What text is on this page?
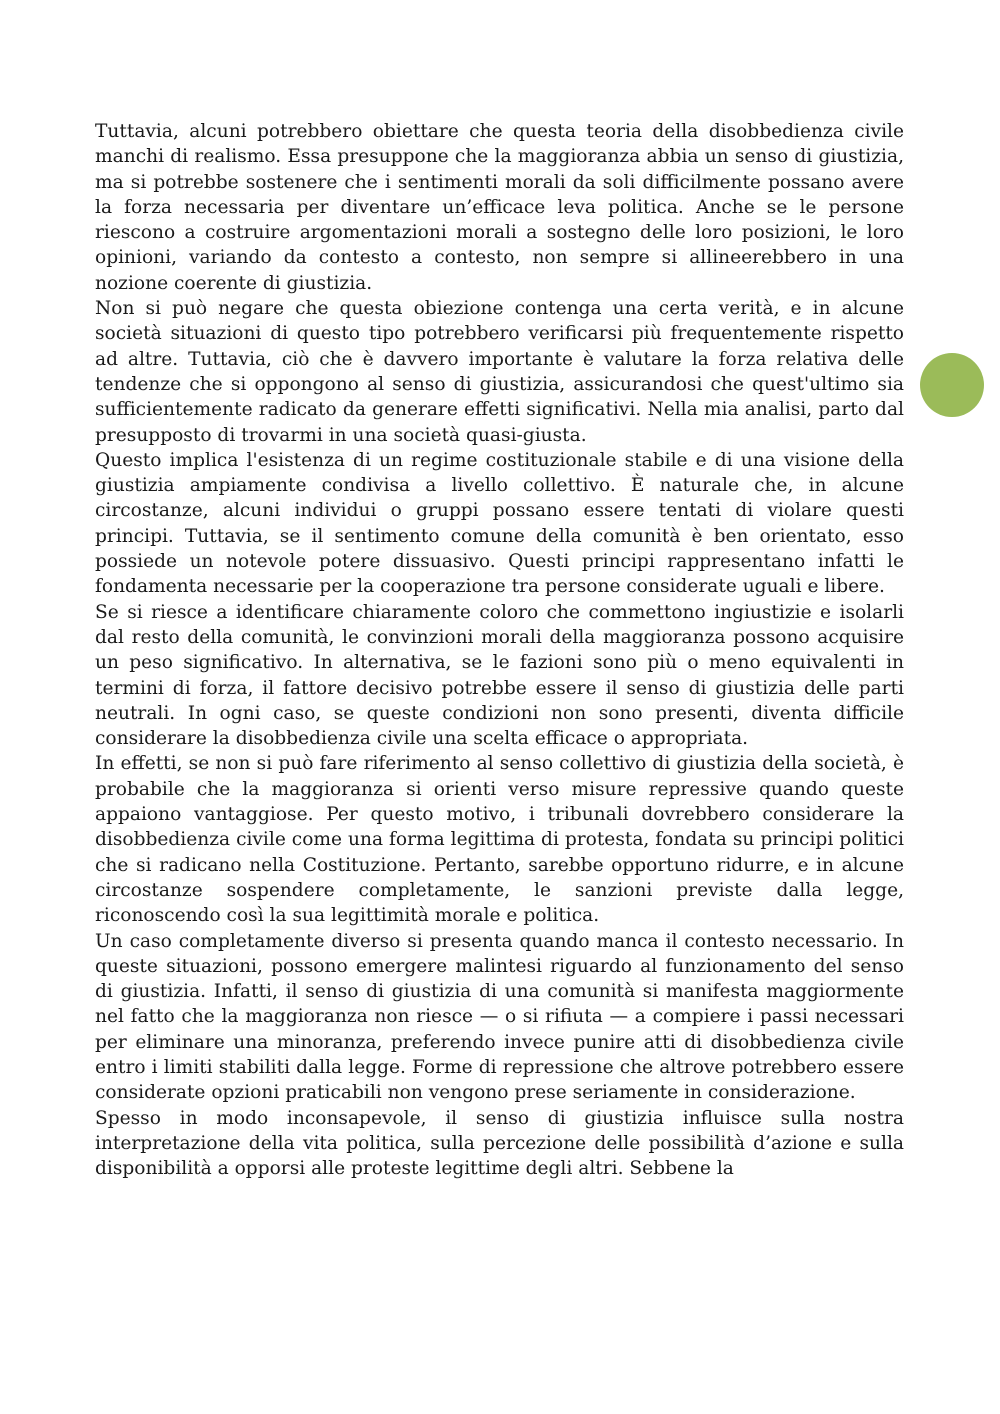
Tuttavia, alcuni potrebbero obiettare che questa teoria della disobbedienza civile manchi di realismo. Essa presuppone che la maggioranza abbia un senso di giustizia, ma si potrebbe sostenere che i sentimenti morali da soli difficilmente possano avere la forza necessaria per diventare un’efficace leva politica. Anche se le persone riescono a costruire argomentazioni morali a sostegno delle loro posizioni, le loro opinioni, variando da contesto a contesto, non sempre si allineerebbero in una nozione coerente di giustizia.

Non si può negare che questa obiezione contenga una certa verità, e in alcune società situazioni di questo tipo potrebbero verificarsi più frequentemente rispetto ad altre. Tuttavia, ciò che è davvero importante è valutare la forza relativa delle tendenze che si oppongono al senso di giustizia, assicurandosi che quest'ultimo sia sufficientemente radicato da generare effetti significativi. Nella mia analisi, parto dal presupposto di trovarmi in una società quasi-giusta.

Questo implica l'esistenza di un regime costituzionale stabile e di una visione della giustizia ampiamente condivisa a livello collettivo. È naturale che, in alcune circostanze, alcuni individui o gruppi possano essere tentati di violare questi principi. Tuttavia, se il sentimento comune della comunità è ben orientato, esso possiede un notevole potere dissuasivo. Questi principi rappresentano infatti le fondamenta necessarie per la cooperazione tra persone considerate uguali e libere.

Se si riesce a identificare chiaramente coloro che commettono ingiustizie e isolarli dal resto della comunità, le convinzioni morali della maggioranza possono acquisire un peso significativo. In alternativa, se le fazioni sono più o meno equivalenti in termini di forza, il fattore decisivo potrebbe essere il senso di giustizia delle parti neutrali. In ogni caso, se queste condizioni non sono presenti, diventa difficile considerare la disobbedienza civile una scelta efficace o appropriata.

In effetti, se non si può fare riferimento al senso collettivo di giustizia della società, è probabile che la maggioranza si orienti verso misure repressive quando queste appaiono vantaggiose. Per questo motivo, i tribunali dovrebbero considerare la disobbedienza civile come una forma legittima di protesta, fondata su principi politici che si radicano nella Costituzione. Pertanto, sarebbe opportuno ridurre, e in alcune circostanze sospendere completamente, le sanzioni previste dalla legge, riconoscendo così la sua legittimità morale e politica.

Un caso completamente diverso si presenta quando manca il contesto necessario. In queste situazioni, possono emergere malintesi riguardo al funzionamento del senso di giustizia. Infatti, il senso di giustizia di una comunità si manifesta maggiormente nel fatto che la maggioranza non riesce — o si rifiuta — a compiere i passi necessari per eliminare una minoranza, preferendo invece punire atti di disobbedienza civile entro i limiti stabiliti dalla legge. Forme di repressione che altrove potrebbero essere considerate opzioni praticabili non vengono prese seriamente in considerazione.

Spesso in modo inconsapevole, il senso di giustizia influisce sulla nostra interpretazione della vita politica, sulla percezione delle possibilità d’azione e sulla disponibilità a opporsi alle proteste legittime degli altri. Sebbene la
